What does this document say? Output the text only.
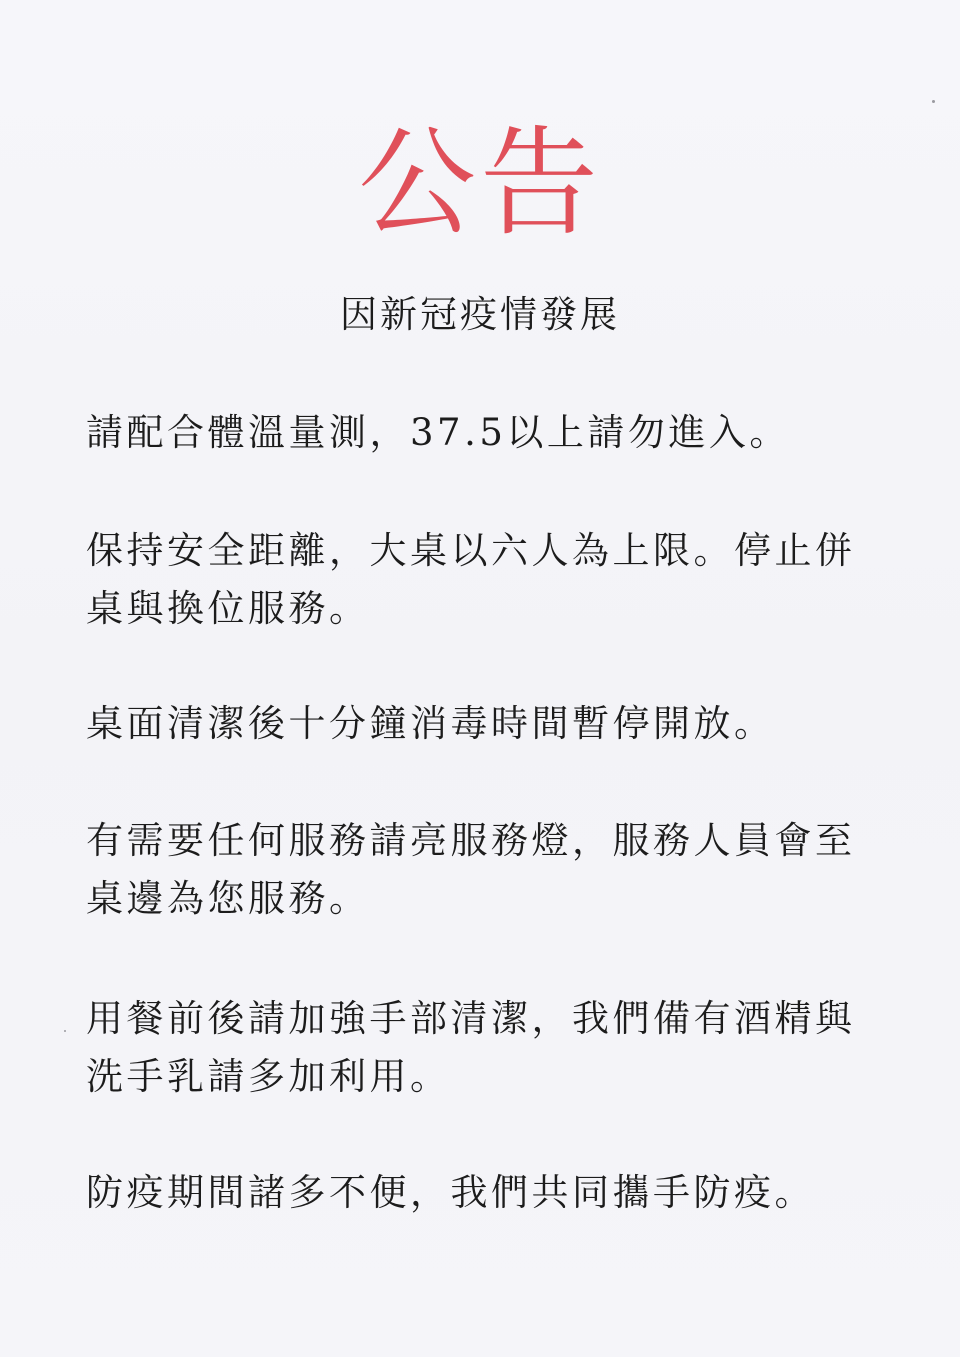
公告
因新冠疫情發展
請配合體溫量測，37.5以上請勿進入。
保持安全距離，大桌以六人為上限。停止併桌與換位服務。
桌面清潔後十分鐘消毒時間暫停開放。
有需要任何服務請亮服務燈，服務人員會至桌邊為您服務。
用餐前後請加強手部清潔，我們備有酒精與洗手乳請多加利用。
防疫期間諸多不便，我們共同攜手防疫。
